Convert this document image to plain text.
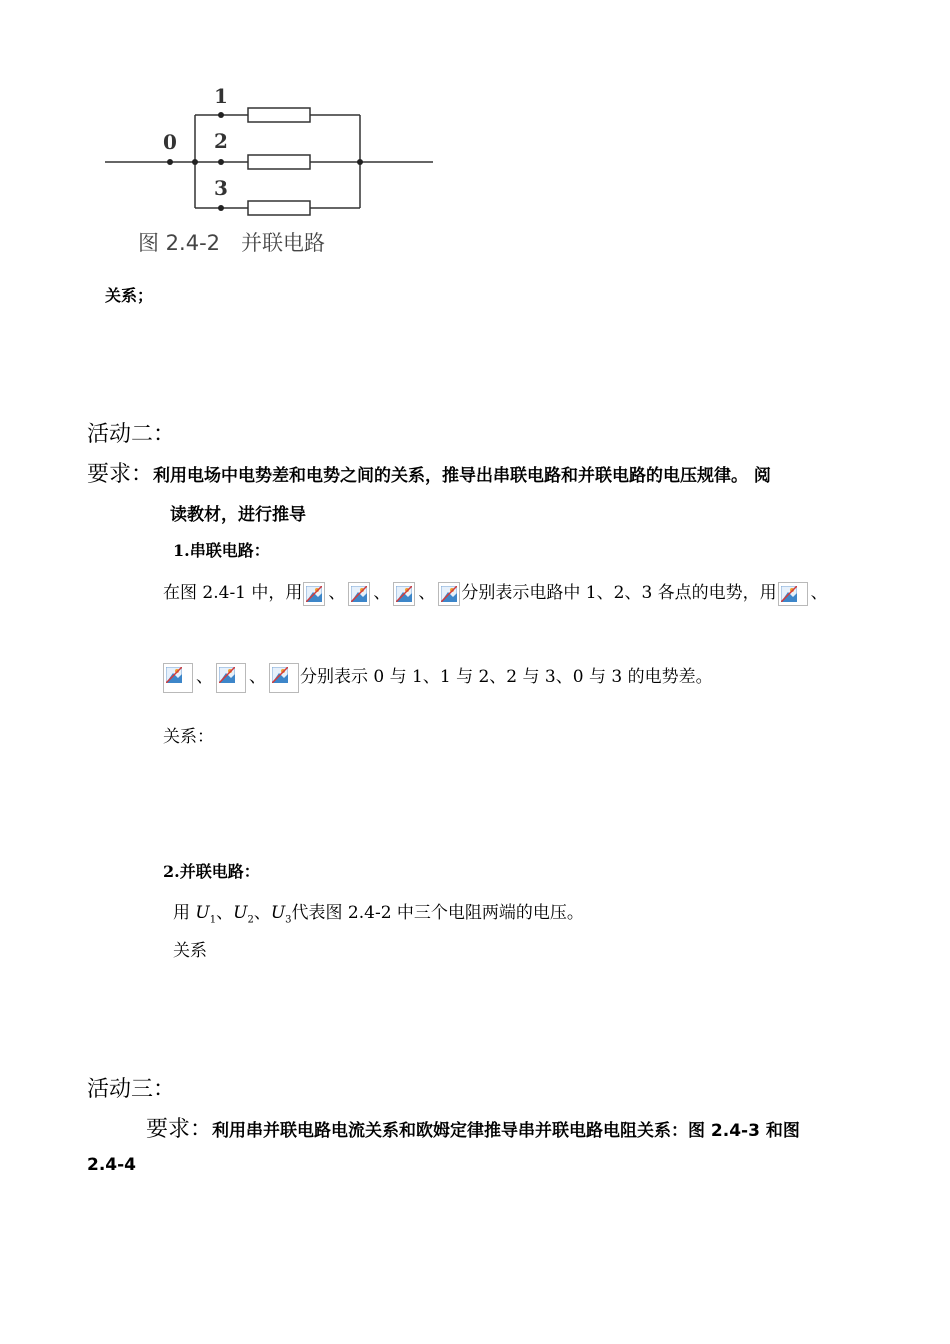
0
1
2
3
图 2.4-2　并联电路
关系；
活动二：
要求：利用电场中电势差和电势之间的关系，推导出串联电路和并联电路的电压规律。 阅
读教材，进行推导
1.串联电路：
在图 2.4-1 中，用 、 、 、 分别表示电路中 1、2、3 各点的电势，用 、
、 、 分别表示 0 与 1、1 与 2、2 与 3、0 与 3 的电势差。
关系：
2.并联电路：
用 $U_1$、$U_2$、$U_3$代表图 2.4-2 中三个电阻两端的电压。
关系
活动三：
要求：利用串并联电路电流关系和欧姆定律推导串并联电路电阻关系：图 2.4-3 和图
2.4-4
